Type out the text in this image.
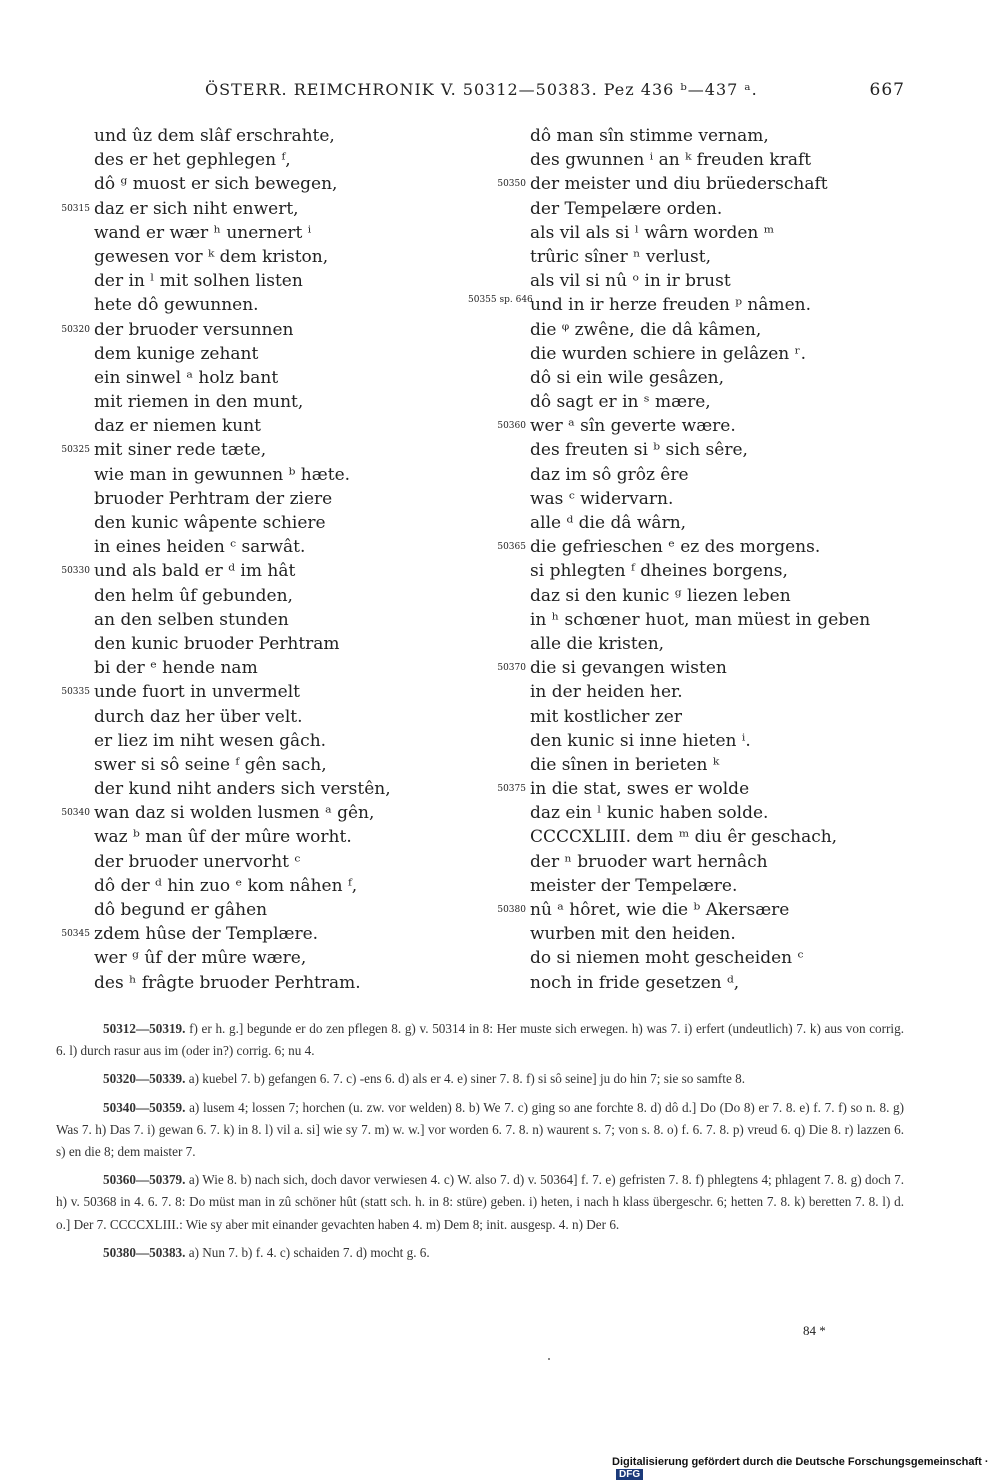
ÖSTERR. REIMCHRONIK V. 50312—50383. Pez 436 ᵇ—437 ᵃ.	667
und ûz dem slâf erschrahte,
des er het gephlegen ᶠ,
dô ᵍ muost er sich bewegen,
50315 daz er sich niht enwert,
wand er wær ʰ unernert ⁱ
gewesen vor ᵏ dem kriston,
der in ˡ mit solhen listen
hete dô gewunnen.
50320 der bruoder versunnen
dem kunige zehant
ein sinwel ᵃ holz bant
mit riemen in den munt,
daz er niemen kunt
50325 mit siner rede tæte,
wie man in gewunnen ᵇ hæte.
bruoder Perhtram der ziere
den kunic wâpente schiere
in eines heiden ᶜ sarwât.
50330 und als bald er ᵈ im hât
den helm ûf gebunden,
an den selben stunden
den kunic bruoder Perhtram
bi der ᵉ hende nam
50335 unde fuort in unvermelt
durch daz her über velt.
er liez im niht wesen gâch.
swer si sô seine ᶠ gên sach,
der kund niht anders sich verstên,
50340 wan daz si wolden lusmen ᵃ gên,
waz ᵇ man ûf der mûre worht.
der bruoder unervorht ᶜ
dô der ᵈ hin zuo ᵉ kom nâhen ᶠ,
dô begund er gâhen
50345 zdem hûse der Templære.
wer ᵍ ûf der mûre wære,
des ʰ frâgte bruoder Perhtram.
dô man sîn stimme vernam,
des gwunnen ⁱ an ᵏ freuden kraft
50350 der meister und diu brüederschaft
der Tempelære orden.
als vil als si ˡ wârn worden ᵐ
trûric sîner ⁿ verlust,
als vil si nû ᵒ in ir brust
50355 sp. 646
und in ir herze freuden ᵖ nâmen.
die ᵠ zwêne, die dâ kâmen,
die wurden schiere in gelâzen ʳ.
dô si ein wile gesâzen,
dô sagt er in ˢ mære,
50360 wer ᵃ sîn geverte wære.
des freuten si ᵇ sich sêre,
daz im sô grôz êre
was ᶜ widervarn.
alle ᵈ die dâ wârn,
50365 die gefrieschen ᵉ ez des morgens.
si phlegten ᶠ dheines borgens,
daz si den kunic ᵍ liezen leben
in ʰ schœner huot, man müest in geben
alle die kristen,
50370 die si gevangen wisten
in der heiden her.
mit kostlicher zer
den kunic si inne hieten ⁱ.
die sînen in berieten ᵏ
50375 in die stat, swes er wolde
daz ein ˡ kunic haben solde.
CCCCXLIII. dem ᵐ diu êr geschach,
der ⁿ bruoder wart hernâch
meister der Tempelære.
50380 nû ᵃ hôret, wie die ᵇ Akersære
wurben mit den heiden.
do si niemen moht gescheiden ᶜ
noch in fride gesetzen ᵈ,
50312—50319. f) er h. g.] begunde er do zen pflegen 8. g) v. 50314 in 8: Her muste sich erwegen. h) was 7. i) erfert (undeutlich) 7. k) aus von corrig. 6. l) durch rasur aus im (oder in?) corrig. 6; nu 4.
50320—50339. a) kuebel 7. b) gefangen 6. 7. c) -ens 6. d) als er 4. e) siner 7. 8. f) si sô seine] ju do hin 7; sie so samfte 8.
50340—50359. a) lusem 4; lossen 7; horchen (u. zw. vor welden) 8. b) We 7. c) ging so ane forchte 8. d) dô d.] Do (Do 8) er 7. 8. e) f. 7. f) so n. 8. g) Was 7. h) Das 7. i) gewan 6. 7. k) in 8. l) vil a. si] wie sy 7. m) w. w.] vor worden 6. 7. 8. n) waurent s. 7; von s. 8. o) f. 6. 7. 8. p) vreud 6. q) Die 8. r) lazzen 6. s) en die 8; dem maister 7.
50360—50379. a) Wie 8. b) nach sich, doch davor verwiesen 4. c) W. also 7. d) v. 50364] f. 7. e) gefristen 7. 8. f) phlegtens 4; phlagent 7. 8. g) doch 7. h) v. 50368 in 4. 6. 7. 8: Do müst man in zû schöner hût (statt sch. h. in 8: stüre) geben. i) heten, i nach h klass übergeschr. 6; hetten 7. 8. k) beretten 7. 8. l) d. o.] Der 7. CCCCXLIII.: Wie sy aber mit einander gevachten haben 4. m) Dem 8; init. ausgesp. 4. n) Der 6.
50380—50383. a) Nun 7. b) f. 4. c) schaiden 7. d) mocht g. 6.
84 *
Digitalisierung gefördert durch die Deutsche Forschungsgemeinschaft ·DFG
